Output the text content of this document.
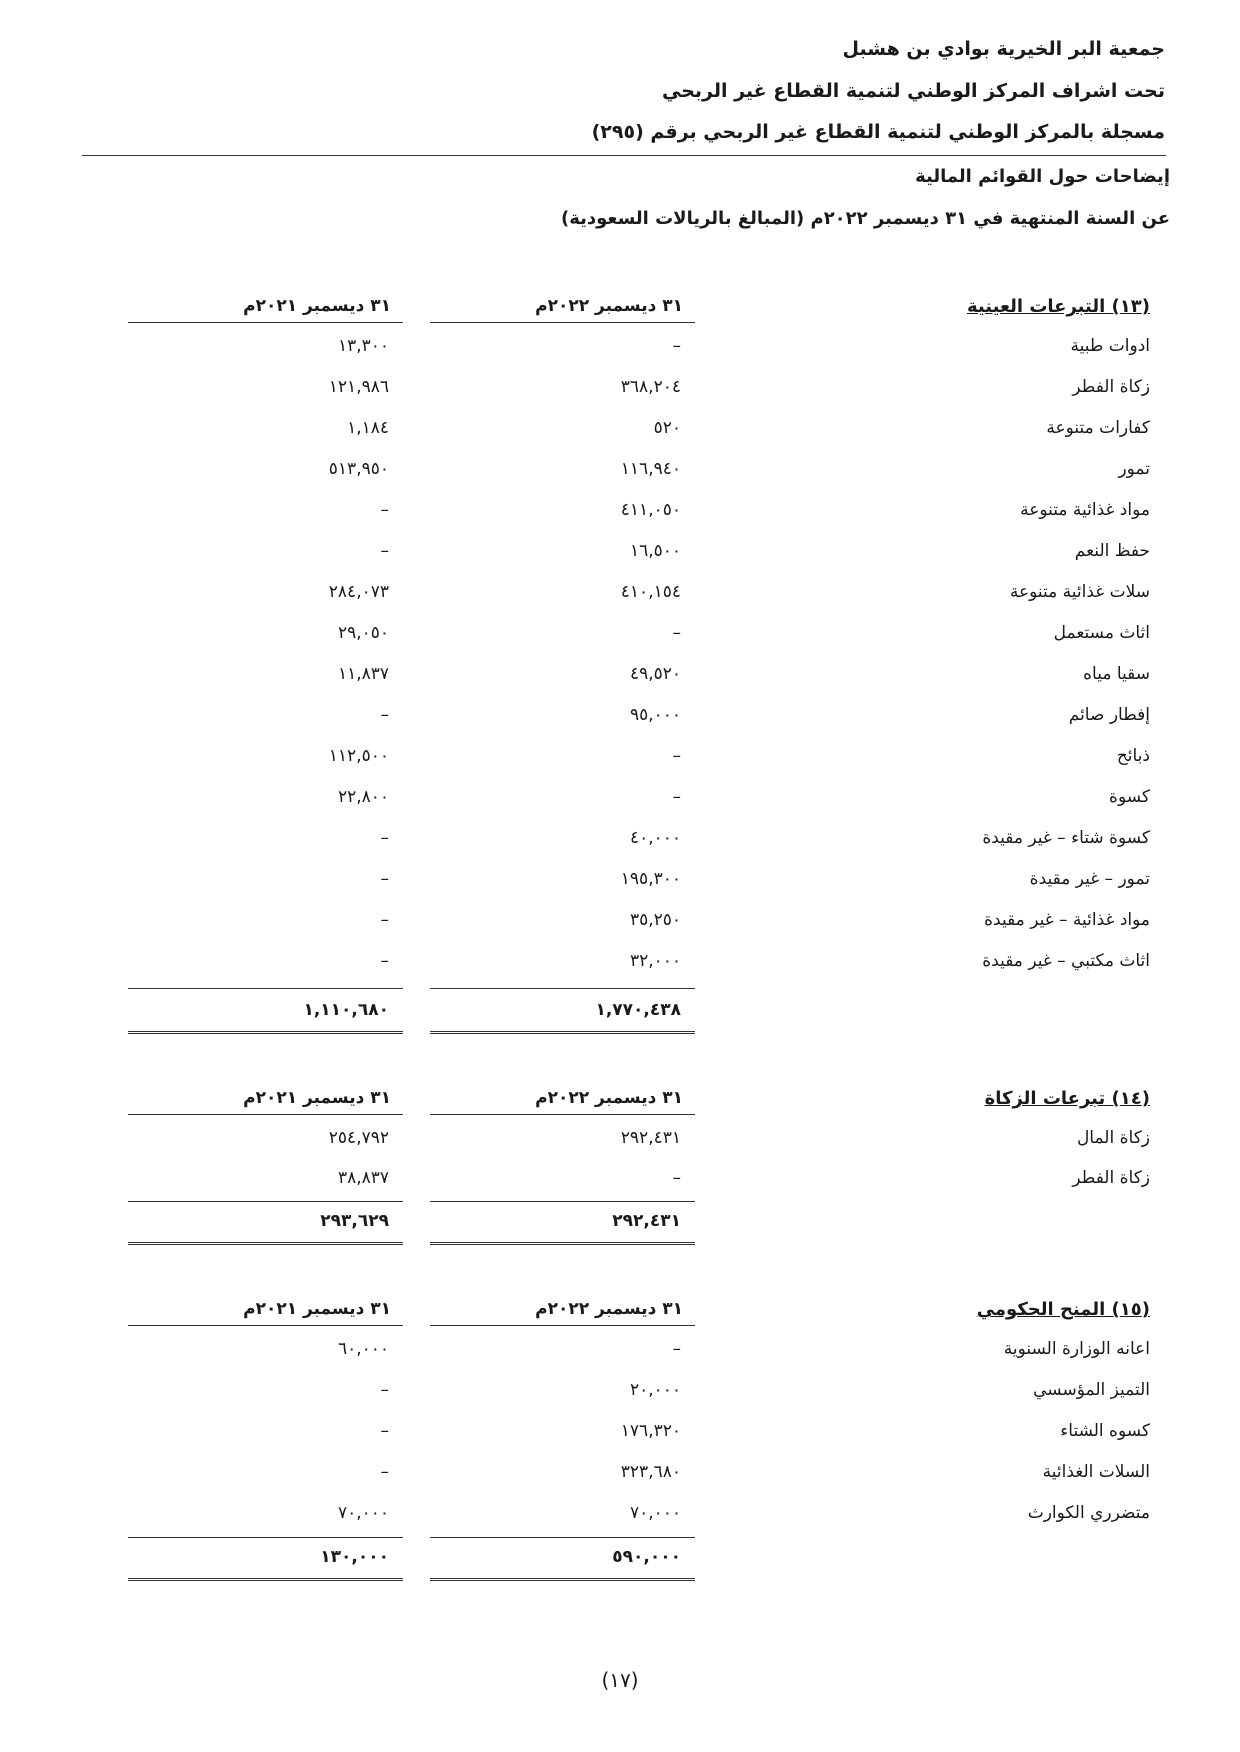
جمعية البر الخيرية بوادي بن هشبل
تحت اشراف المركز الوطني لتنمية القطاع غير الربحي
مسجلة بالمركز الوطني لتنمية القطاع غير الربحي برقم (٢٩٥)
إيضاحات حول القوائم المالية
عن السنة المنتهية في ٣١ ديسمبر ٢٠٢٢م (المبالغ بالريالات السعودية)
(١٣) التبرعات العينية
٣١ ديسمبر ٢٠٢٢م
٣١ ديسمبر ٢٠٢١م
ادوات طبية
–
١٣,٣٠٠
زكاة الفطر
٣٦٨,٢٠٤
١٢١,٩٨٦
كفارات متنوعة
٥٢٠
١,١٨٤
تمور
١١٦,٩٤٠
٥١٣,٩٥٠
مواد غذائية متنوعة
٤١١,٠٥٠
–
حفظ النعم
١٦,٥٠٠
–
سلات غذائية متنوعة
٤١٠,١٥٤
٢٨٤,٠٧٣
اثاث مستعمل
–
٢٩,٠٥٠
سقيا مياه
٤٩,٥٢٠
١١,٨٣٧
إفطار صائم
٩٥,٠٠٠
–
ذبائح
–
١١٢,٥٠٠
كسوة
–
٢٢,٨٠٠
كسوة شتاء – غير مقيدة
٤٠,٠٠٠
–
تمور – غير مقيدة
١٩٥,٣٠٠
–
مواد غذائية – غير مقيدة
٣٥,٢٥٠
–
اثاث مكتبي – غير مقيدة
٣٢,٠٠٠
–
١,٧٧٠,٤٣٨
١,١١٠,٦٨٠
(١٤) تبرعات الزكاة
٣١ ديسمبر ٢٠٢٢م
٣١ ديسمبر ٢٠٢١م
زكاة المال
٢٩٢,٤٣١
٢٥٤,٧٩٢
زكاة الفطر
–
٣٨,٨٣٧
٢٩٢,٤٣١
٢٩٣,٦٢٩
(١٥) المنح الحكومي
٣١ ديسمبر ٢٠٢٢م
٣١ ديسمبر ٢٠٢١م
اعانه الوزارة السنوية
–
٦٠,٠٠٠
التميز المؤسسي
٢٠,٠٠٠
–
كسوه الشتاء
١٧٦,٣٢٠
–
السلات الغذائية
٣٢٣,٦٨٠
–
متضرري الكوارث
٧٠,٠٠٠
٧٠,٠٠٠
٥٩٠,٠٠٠
١٣٠,٠٠٠
(١٧)
